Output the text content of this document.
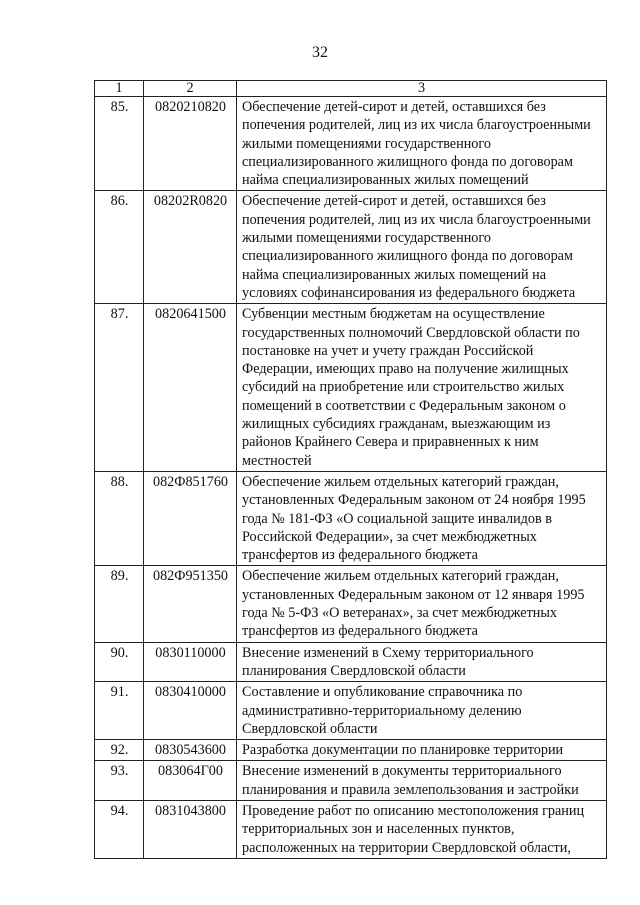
32
1	2	3
85.	0820210820	Обеспечение детей-сирот и детей, оставшихся без попечения родителей, лиц из их числа благоустроенными жилыми помещениями государственного специализированного жилищного фонда по договорам найма специализированных жилых помещений
86.	08202R0820	Обеспечение детей-сирот и детей, оставшихся без попечения родителей, лиц из их числа благоустроенными жилыми помещениями государственного специализированного жилищного фонда по договорам найма специализированных жилых помещений на условиях софинансирования из федерального бюджета
87.	0820641500	Субвенции местным бюджетам на осуществление государственных полномочий Свердловской области по постановке на учет и учету граждан Российской Федерации, имеющих право на получение жилищных субсидий на приобретение или строительство жилых помещений в соответствии с Федеральным законом о жилищных субсидиях гражданам, выезжающим из районов Крайнего Севера и приравненных к ним местностей
88.	082Ф851760	Обеспечение жильем отдельных категорий граждан, установленных Федеральным законом от 24 ноября 1995 года № 181-ФЗ «О социальной защите инвалидов в Российской Федерации», за счет межбюджетных трансфертов из федерального бюджета
89.	082Ф951350	Обеспечение жильем отдельных категорий граждан, установленных Федеральным законом от 12 января 1995 года № 5-ФЗ «О ветеранах», за счет межбюджетных трансфертов из федерального бюджета
90.	0830110000	Внесение изменений в Схему территориального планирования Свердловской области
91.	0830410000	Составление и опубликование справочника по административно-территориальному делению Свердловской области
92.	0830543600	Разработка документации по планировке территории
93.	083064Г00	Внесение изменений в документы территориального планирования и правила землепользования и застройки
94.	0831043800	Проведение работ по описанию местоположения границ территориальных зон и населенных пунктов, расположенных на территории Свердловской области,
